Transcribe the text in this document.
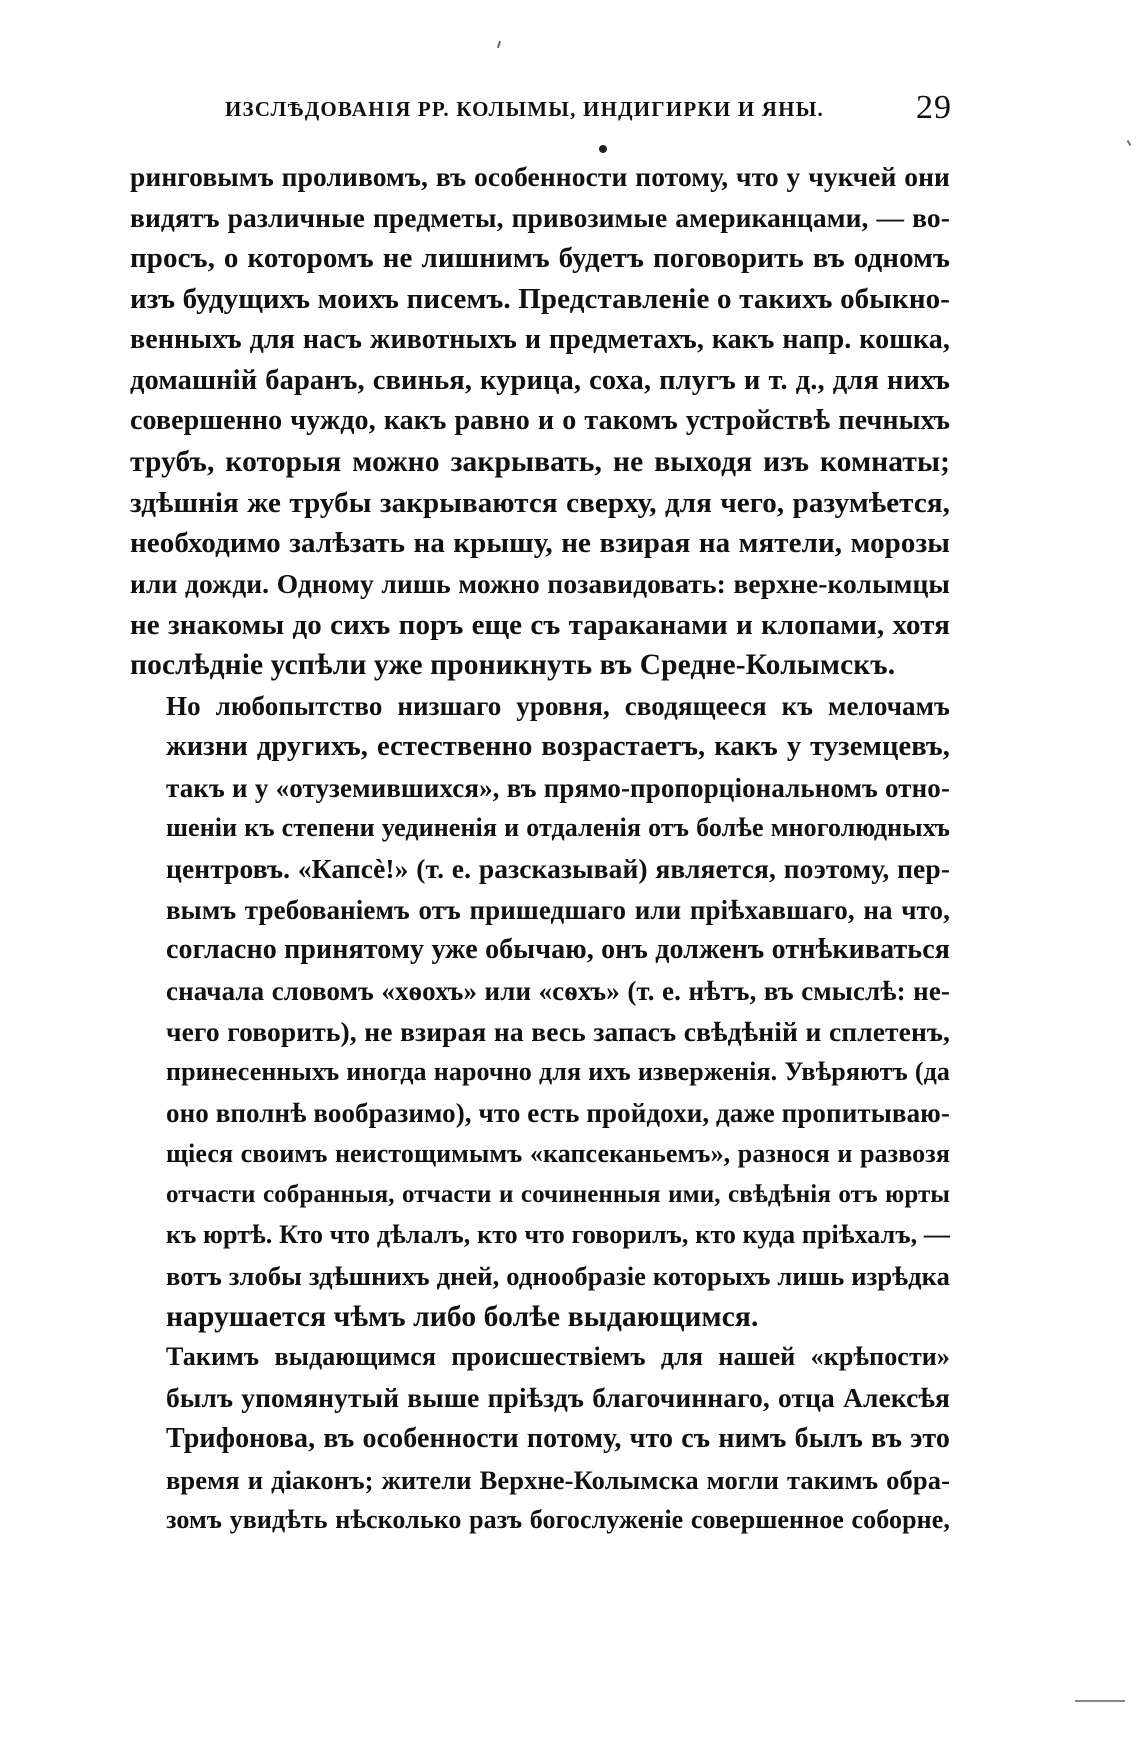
ИЗСЛѢДОВАНІЯ РР. КОЛЫМЫ, ИНДИГИРКИ И ЯНЫ.	29
ринговымъ проливомъ, въ особенности потому, что у чукчей они
видятъ различные предметы, привозимые американцами, — во-
просъ, о которомъ не лишнимъ будетъ поговорить въ одномъ
изъ будущихъ моихъ писемъ. Представленіе о такихъ обыкно-
венныхъ для насъ животныхъ и предметахъ, какъ напр. кошка,
домашній баранъ, свинья, курица, соха, плугъ и т. д., для нихъ
совершенно чуждо, какъ равно и о такомъ устройствѣ печныхъ
трубъ, которыя можно закрывать, не выходя изъ комнаты;
здѣшнія же трубы закрываются сверху, для чего, разумѣется,
необходимо залѣзать на крышу, не взирая на мятели, морозы
или дожди. Одному лишь можно позавидовать: верхне-колымцы
не знакомы до сихъ поръ еще съ тараканами и клопами, хотя
послѣдніе успѣли уже проникнуть въ Средне-Колымскъ.
Но любопытство низшаго уровня, сводящееся къ мелочамъ
жизни другихъ, естественно возрастаетъ, какъ у туземцевъ,
такъ и у «отуземившихся», въ прямо-пропорціональномъ отно-
шеніи къ степени уединенія и отдаленія отъ болѣе многолюдныхъ
центровъ. «Капсè!» (т. е. разсказывай) является, поэтому, пер-
вымъ требованіемъ отъ пришедшаго или пріѣхавшаго, на что,
согласно принятому уже обычаю, онъ долженъ отнѣкиваться
сначала словомъ «хѳохъ» или «сѳхъ» (т. е. нѣтъ, въ смыслѣ: не-
чего говорить), не взирая на весь запасъ свѣдѣній и сплетенъ,
принесенныхъ иногда нарочно для ихъ изверженія. Увѣряютъ (да
оно вполнѣ вообразимо), что есть пройдохи, даже пропитываю-
щіеся своимъ неистощимымъ «капсеканьемъ», разнося и развозя
отчасти собранныя, отчасти и сочиненныя ими, свѣдѣнія отъ юрты
къ юртѣ. Кто что дѣлалъ, кто что говорилъ, кто куда пріѣхалъ, —
вотъ злобы здѣшнихъ дней, однообразіе которыхъ лишь изрѣдка
нарушается чѣмъ либо болѣе выдающимся.
Такимъ выдающимся происшествіемъ для нашей «крѣпости»
былъ упомянутый выше пріѣздъ благочиннаго, отца Алексѣя
Трифонова, въ особенности потому, что съ нимъ былъ въ это
время и діаконъ; жители Верхне-Колымска могли такимъ обра-
зомъ увидѣть нѣсколько разъ богослуженіе совершенное соборне,
